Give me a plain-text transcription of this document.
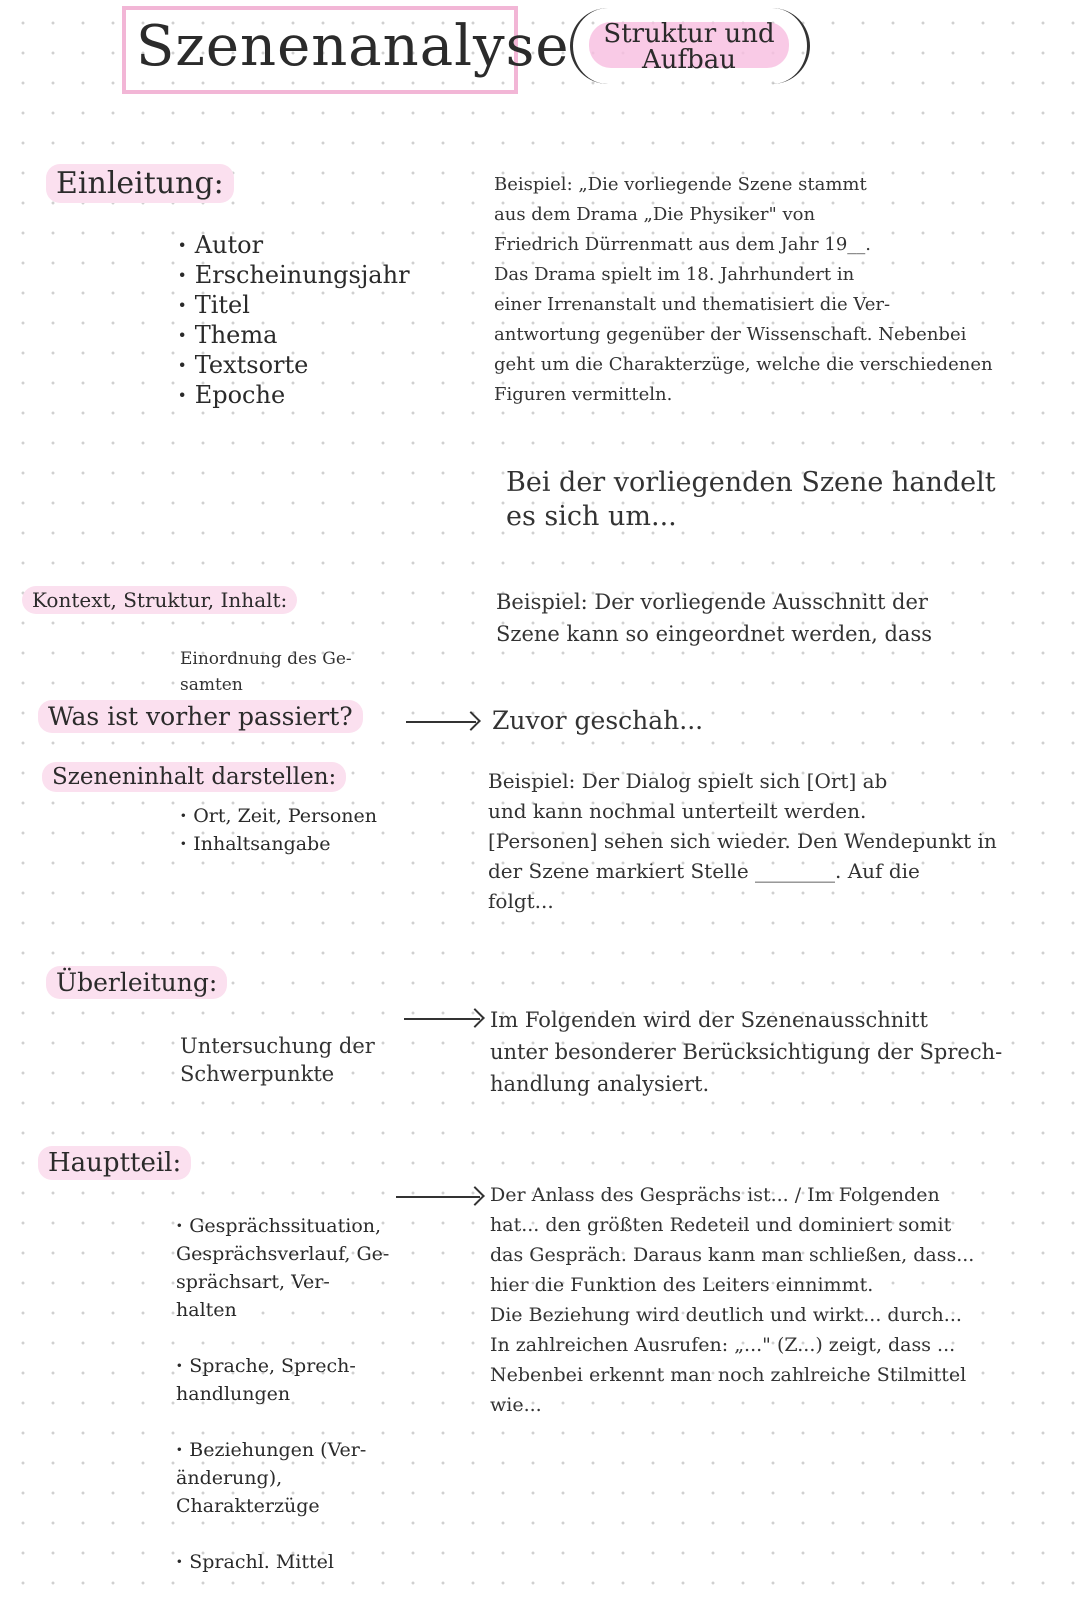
Szenenanalyse	Struktur und
Aufbau
Einleitung:
· Autor
· Erscheinungsjahr
· Titel
· Thema
· Textsorte
· Epoche
Beispiel: „Die vorliegende Szene stammt
aus dem Drama „Die Physiker" von
Friedrich Dürrenmatt aus dem Jahr 19__.
Das Drama spielt im 18. Jahrhundert in
einer Irrenanstalt und thematisiert die Ver-
antwortung gegenüber der Wissenschaft. Nebenbei
geht um die Charakterzüge, welche die verschiedenen
Figuren vermitteln.
Bei der vorliegenden Szene handelt
es sich um...
Kontext, Struktur, Inhalt:

Einordnung des Ge-
samten

Beispiel: Der vorliegende Ausschnitt der
Szene kann so eingeordnet werden, dass
Was ist vorher passiert?	Zuvor geschah...
Szeneninhalt darstellen:
· Ort, Zeit, Personen
· Inhaltsangabe
Beispiel: Der Dialog spielt sich [Ort] ab
und kann nochmal unterteilt werden.
[Personen] sehen sich wieder. Den Wendepunkt in
der Szene markiert Stelle ________. Auf die
folgt...
Überleitung:

Untersuchung der
Schwerpunkte

Im Folgenden wird der Szenenausschnitt
unter besonderer Berücksichtigung der Sprech-
handlung analysiert.
Hauptteil:

· Gesprächssituation,
Gesprächsverlauf, Ge-
sprächsart, Ver-
halten

· Sprache, Sprech-
handlungen

· Beziehungen (Ver-
änderung),
Charakterzüge

· Sprachl. Mittel

Der Anlass des Gesprächs ist... / Im Folgenden
hat... den größten Redeteil und dominiert somit
das Gespräch. Daraus kann man schließen, dass...
hier die Funktion des Leiters einnimmt.
Die Beziehung wird deutlich und wirkt... durch...
In zahlreichen Ausrufen: „..." (Z...) zeigt, dass ...
Nebenbei erkennt man noch zahlreiche Stilmittel
wie...
